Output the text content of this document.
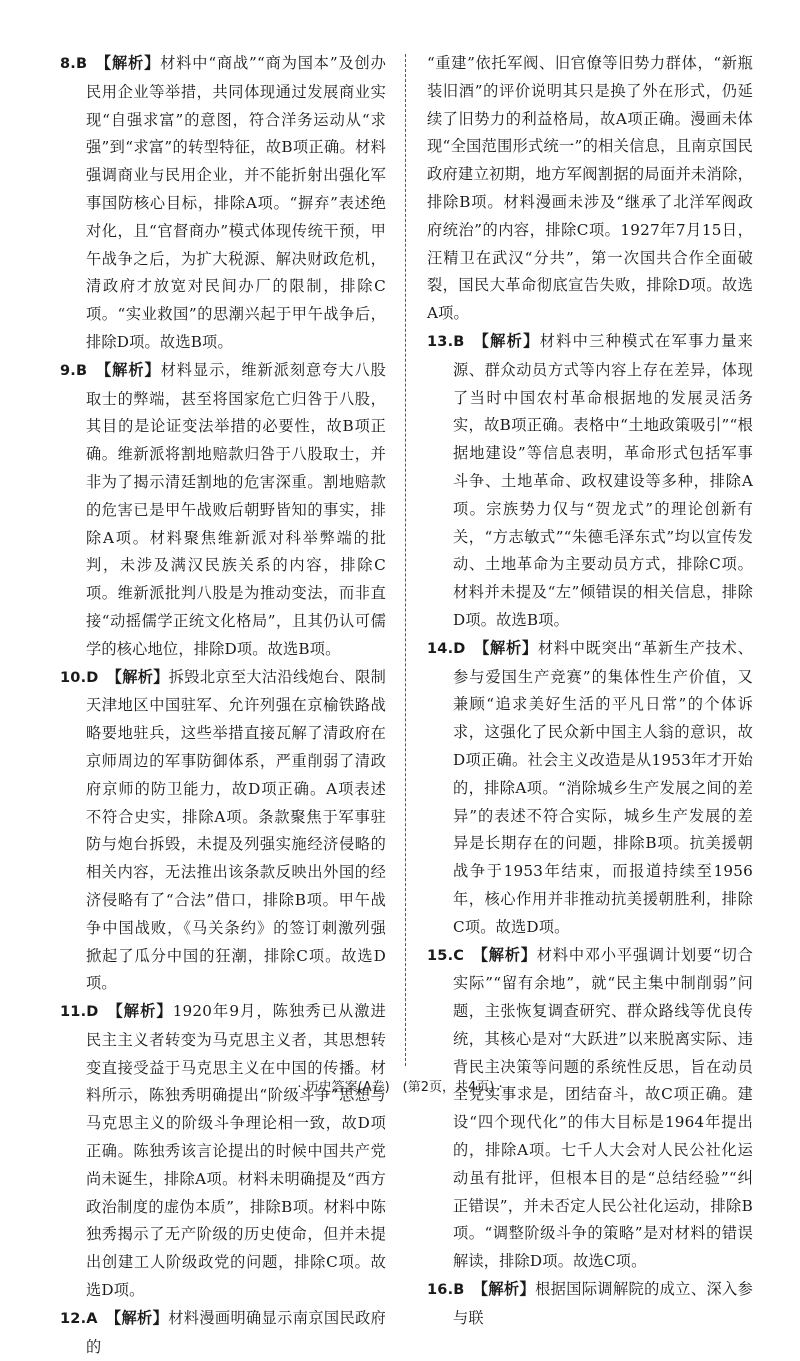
8.B 【解析】材料中“商战”“商为国本”及创办民用企业等举措，共同体现通过发展商业实现“自强求富”的意图，符合洋务运动从“求强”到“求富”的转型特征，故B项正确。材料强调商业与民用企业，并不能折射出强化军事国防核心目标，排除A项。“摒弃”表述绝对化，且“官督商办”模式体现传统干预，甲午战争之后，为扩大税源、解决财政危机，清政府才放宽对民间办厂的限制，排除C项。“实业救国”的思潮兴起于甲午战争后，排除D项。故选B项。

9.B 【解析】材料显示，维新派刻意夸大八股取士的弊端，甚至将国家危亡归咎于八股，其目的是论证变法举措的必要性，故B项正确。维新派将割地赔款归咎于八股取士，并非为了揭示清廷割地的危害深重。割地赔款的危害已是甲午战败后朝野皆知的事实，排除A项。材料聚焦维新派对科举弊端的批判，未涉及满汉民族关系的内容，排除C项。维新派批判八股是为推动变法，而非直接“动摇儒学正统文化格局”，且其仍认可儒学的核心地位，排除D项。故选B项。

10.D 【解析】拆毁北京至大沽沿线炮台、限制天津地区中国驻军、允许列强在京榆铁路战略要地驻兵，这些举措直接瓦解了清政府在京师周边的军事防御体系，严重削弱了清政府京师的防卫能力，故D项正确。A项表述不符合史实，排除A项。条款聚焦于军事驻防与炮台拆毁，未提及列强实施经济侵略的相关内容，无法推出该条款反映出外国的经济侵略有了“合法”借口，排除B项。甲午战争中国战败，《马关条约》的签订刺激列强掀起了瓜分中国的狂潮，排除C项。故选D项。

11.D 【解析】1920年9月，陈独秀已从激进民主主义者转变为马克思主义者，其思想转变直接受益于马克思主义在中国的传播。材料所示，陈独秀明确提出“阶级斗争”思想与马克思主义的阶级斗争理论相一致，故D项正确。陈独秀该言论提出的时候中国共产党尚未诞生，排除A项。材料未明确提及“西方政治制度的虚伪本质”，排除B项。材料中陈独秀揭示了无产阶级的历史使命，但并未提出创建工人阶级政党的问题，排除C项。故选D项。

12.A 【解析】材料漫画明确显示南京国民政府的

“重建”依托军阀、旧官僚等旧势力群体，“新瓶装旧酒”的评价说明其只是换了外在形式，仍延续了旧势力的利益格局，故A项正确。漫画未体现“全国范围形式统一”的相关信息，且南京国民政府建立初期，地方军阀割据的局面并未消除，排除B项。材料漫画未涉及“继承了北洋军阀政府统治”的内容，排除C项。1927年7月15日，汪精卫在武汉“分共”，第一次国共合作全面破裂，国民大革命彻底宣告失败，排除D项。故选A项。

13.B 【解析】材料中三种模式在军事力量来源、群众动员方式等内容上存在差异，体现了当时中国农村革命根据地的发展灵活务实，故B项正确。表格中“土地政策吸引”“根据地建设”等信息表明，革命形式包括军事斗争、土地革命、政权建设等多种，排除A项。宗族势力仅与“贺龙式”的理论创新有关，“方志敏式”“朱德毛泽东式”均以宣传发动、土地革命为主要动员方式，排除C项。材料并未提及“左”倾错误的相关信息，排除D项。故选B项。

14.D 【解析】材料中既突出“革新生产技术、参与爱国生产竞赛”的集体性生产价值，又兼顾“追求美好生活的平凡日常”的个体诉求，这强化了民众新中国主人翁的意识，故D项正确。社会主义改造是从1953年才开始的，排除A项。“消除城乡生产发展之间的差异”的表述不符合实际，城乡生产发展的差异是长期存在的问题，排除B项。抗美援朝战争于1953年结束，而报道持续至1956年，核心作用并非推动抗美援朝胜利，排除C项。故选D项。

15.C 【解析】材料中邓小平强调计划要“切合实际”“留有余地”，就“民主集中制削弱”问题，主张恢复调查研究、群众路线等优良传统，其核心是对“大跃进”以来脱离实际、违背民主决策等问题的系统性反思，旨在动员全党实事求是，团结奋斗，故C项正确。建设“四个现代化”的伟大目标是1964年提出的，排除A项。七千人大会对人民公社化运动虽有批评，但根本目的是“总结经验”“纠正错误”，并未否定人民公社化运动，排除B项。“调整阶级斗争的策略”是对材料的错误解读，排除D项。故选C项。

16.B 【解析】根据国际调解院的成立、深入参与联

· 历史答案(A卷)　(第2页，共4页) ·
